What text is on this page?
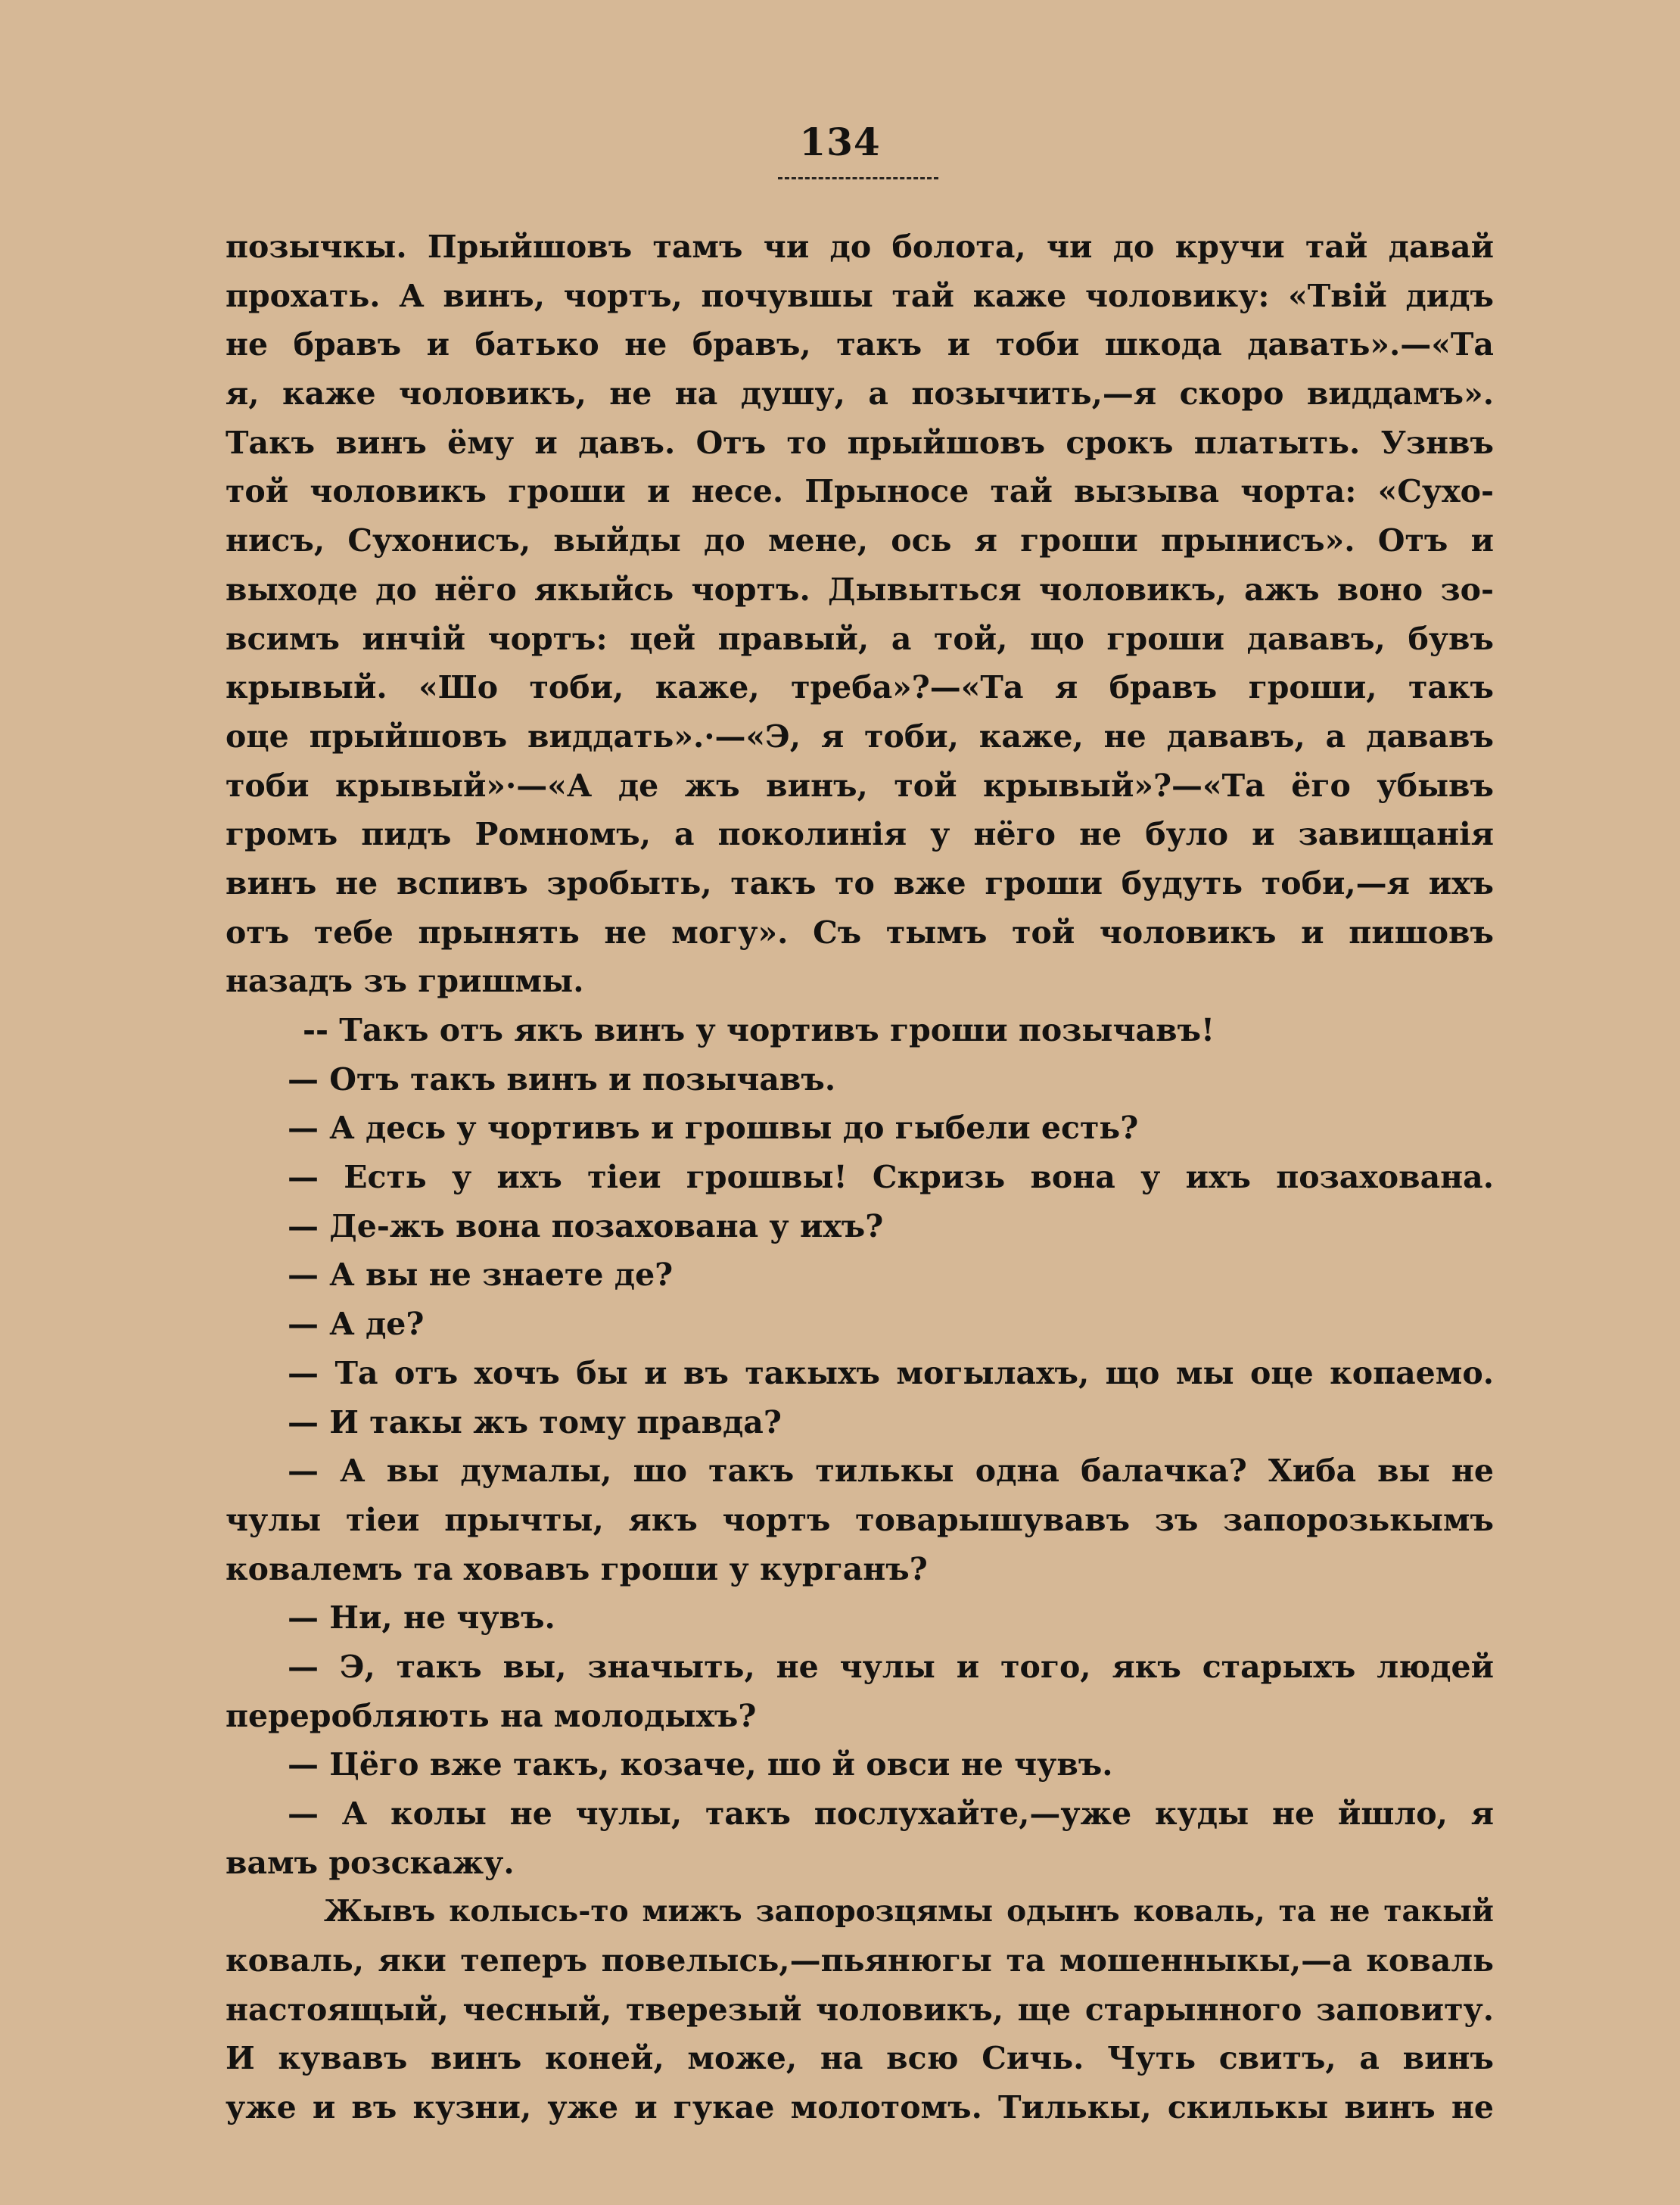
134
позычкы. Прыйшовъ тамъ чи до болота, чи до кручи тай давай
прохать. А винъ, чортъ, почувшы тай каже чоловику: «Твій дидъ
не бравъ и батько не бравъ, такъ и тоби шкода давать».—«Та
я, каже чоловикъ, не на душу, а позычить,—я скоро виддамъ».
Такъ винъ ёму и давъ. Отъ то прыйшовъ срокъ платыть. Узнвъ
той чоловикъ гроши и несе. Прыносе тай вызыва чорта: «Сухо-
нисъ, Сухонисъ, выйды до мене, ось я гроши прынисъ». Отъ и
выходе до нёго якыйсь чортъ. Дывыться чоловикъ, ажъ воно зо-
всимъ инчій чортъ: цей правый, а той, що гроши дававъ, бувъ
крывый. «Шо тоби, каже, треба»?—«Та я бравъ гроши, такъ
оце прыйшовъ виддать».·—«Э, я тоби, каже, не дававъ, а дававъ
тоби крывый»·—«А де жъ винъ, той крывый»?—«Та ёго убывъ
громъ пидъ Ромномъ, а поколинія у нёго не було и завищанія
винъ не вспивъ зробыть, такъ то вже гроши будуть тоби,—я ихъ
отъ тебе прынять не могу». Съ тымъ той чоловикъ и пишовъ
назадъ зъ гришмы.
-- Такъ отъ якъ винъ у чортивъ гроши позычавъ!
— Отъ такъ винъ и позычавъ.
— А десь у чортивъ и грошвы до гыбели есть?
— Есть у ихъ тіеи грошвы! Скризь вона у ихъ позахована.
— Де-жъ вона позахована у ихъ?
— А вы не знаете де?
— А де?
— Та отъ хочъ бы и въ такыхъ могылахъ, що мы оце копаемо.
— И такы жъ тому правда?
— А вы думалы, шо такъ тилькы одна балачка? Хиба вы не
чулы тіеи прычты, якъ чортъ товарышувавъ зъ запорозькымъ
ковалемъ та ховавъ гроши у курганъ?
— Ни, не чувъ.
— Э, такъ вы, значыть, не чулы и того, якъ старыхъ людей
переробляють на молодыхъ?
— Цёго вже такъ, козаче, шо й овси не чувъ.
— А колы не чулы, такъ послухайте,—уже куды не йшло, я
вамъ розскажу.
Жывъ колысь-то мижъ запорозцямы одынъ коваль, та не такый
коваль, яки теперъ повелысь,—пьянюгы та мошенныкы,—а коваль
настоящый, чесный, тверезый чоловикъ, ще старынного заповиту.
И кувавъ винъ коней, може, на всю Сичь. Чуть свитъ, а винъ
уже и въ кузни, уже и гукае молотомъ. Тилькы, скилькы винъ не
